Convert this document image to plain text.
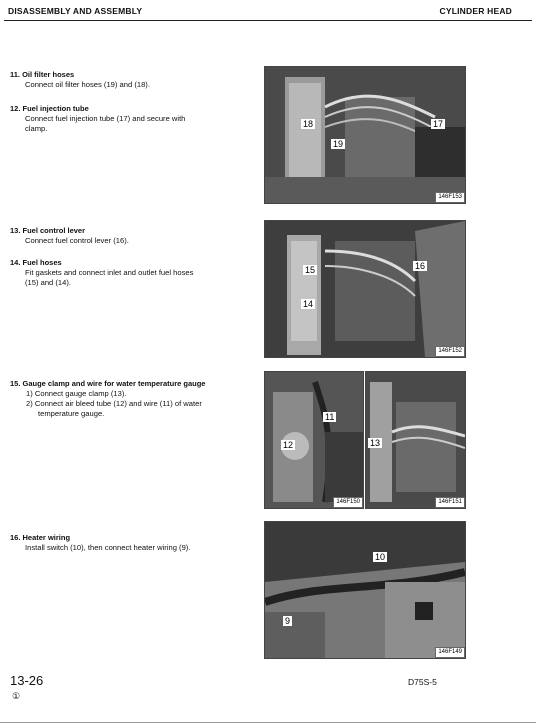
DISASSEMBLY AND ASSEMBLY	CYLINDER HEAD
11. Oil filter hoses
Connect oil filter hoses (19) and (18).
12. Fuel injection tube
Connect fuel injection tube (17) and secure with
clamp.
13. Fuel control lever
Connect fuel control lever (16).
14. Fuel hoses
Fit gaskets and connect inlet and outlet fuel hoses
(15) and (14).
15. Gauge clamp and wire for water temperature gauge
1) Connect gauge clamp (13).
2) Connect air bleed tube (12) and wire (11) of water
temperature gauge.
16. Heater wiring
Install switch (10), then connect heater wiring (9).
18	17
19
146F153
15	16
14
146F152
11
12
146F150
13
146F151
10
9
146F149
13-26
①
D75S-5
